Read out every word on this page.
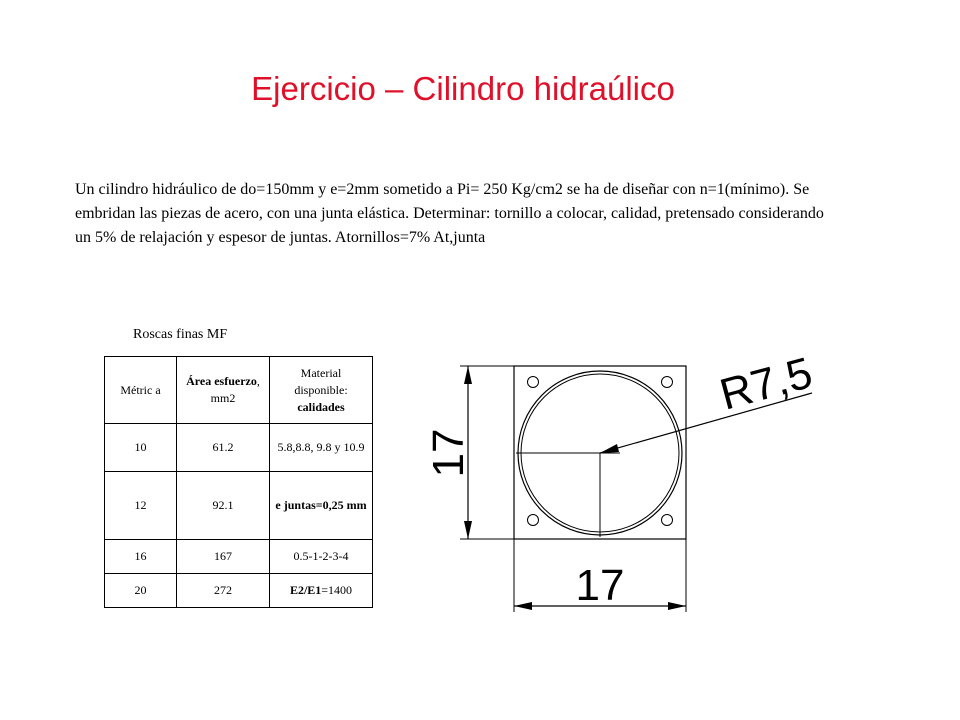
Ejercicio – Cilindro hidraúlico

Un cilindro hidráulico de do=150mm y e=2mm sometido a Pi= 250 Kg/cm2 se ha de diseñar con n=1(mínimo). Se embridan las piezas de acero, con una junta elástica. Determinar: tornillo a colocar, calidad, pretensado considerando un 5% de relajación y espesor de juntas. Atornillos=7% At,junta

Roscas finas MF
Métric a	Área esfuerzo, mm2	Material disponible: calidades
10	61.2	5.8,8.8, 9.8 y 10.9
12	92.1	e juntas=0,25 mm
16	167	0.5-1-2-3-4
20	272	E2/E1=1400
R7,5
17
17
